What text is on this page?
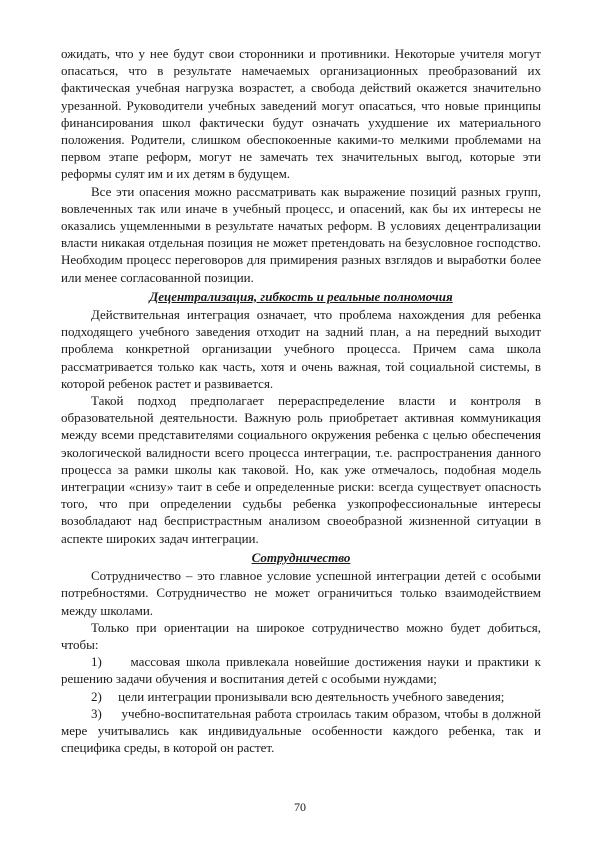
ожидать, что у нее будут свои сторонники и противники. Некоторые учителя могут опасаться, что в результате намечаемых организационных преобразований их фактическая учебная нагрузка возрастет, а свобода действий окажется значительно урезанной. Руководители учебных заведений могут опасаться, что новые принципы финансирования школ фактически будут означать ухудшение их материального положения. Родители, слишком обеспокоенные какими-то мелкими проблемами на первом этапе реформ, могут не замечать тех значительных выгод, которые эти реформы сулят им и их детям в будущем.

Все эти опасения можно рассматривать как выражение позиций разных групп, вовлеченных так или иначе в учебный процесс, и опасений, как бы их интересы не оказались ущемленными в результате начатых реформ. В условиях децентрализации власти никакая отдельная позиция не может претендовать на безусловное господство. Необходим процесс переговоров для примирения разных взглядов и выработки более или менее согласованной позиции.

Децентрализация, гибкость и реальные полномочия

Действительная интеграция означает, что проблема нахождения для ребенка подходящего учебного заведения отходит на задний план, а на передний выходит проблема конкретной организации учебного процесса. Причем сама школа рассматривается только как часть, хотя и очень важная, той социальной системы, в которой ребенок растет и развивается.

Такой подход предполагает перераспределение власти и контроля в образовательной деятельности. Важную роль приобретает активная коммуникация между всеми представителями социального окружения ребенка с целью обеспечения экологической валидности всего процесса интеграции, т.е. распространения данного процесса за рамки школы как таковой. Но, как уже отмечалось, подобная модель интеграции «снизу» таит в себе и определенные риски: всегда существует опасность того, что при определении судьбы ребенка узкопрофессиональные интересы возобладают над беспристрастным анализом своеобразной жизненной ситуации в аспекте широких задач интеграции.

Сотрудничество

Сотрудничество – это главное условие успешной интеграции детей с особыми потребностями. Сотрудничество не может ограничиться только взаимодействием между школами.

Только при ориентации на широкое сотрудничество можно будет добиться, чтобы:

1)     массовая школа привлекала новейшие достижения науки и практики к решению задачи обучения и воспитания детей с особыми нуждами;

2)     цели интеграции пронизывали всю деятельность учебного заведения;

3)     учебно-воспитательная работа строилась таким образом, чтобы в должной мере учитывались как индивидуальные особенности каждого ребенка, так и специфика среды, в которой он растет.

70
